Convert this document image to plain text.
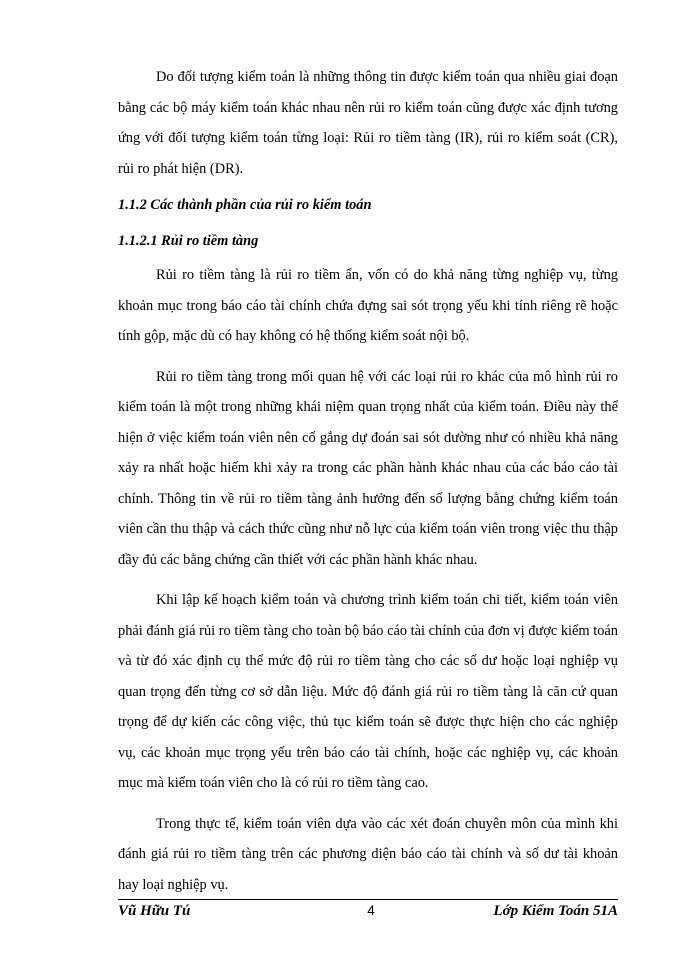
Do đối tượng kiểm toán là những thông tin được kiểm toán qua nhiều giai đoạn bằng các bộ máy kiểm toán khác nhau nên rủi ro kiểm toán cũng được xác định tương ứng với đối tượng kiểm toán từng loại: Rủi ro tiềm tàng (IR), rủi ro kiểm soát (CR), rủi ro phát hiện (DR).

1.1.2 Các thành phần của rủi ro kiểm toán

1.1.2.1 Rủi ro tiềm tàng

Rủi ro tiềm tàng là rủi ro tiềm ẩn, vốn có do khả năng từng nghiệp vụ, từng khoản mục trong báo cáo tài chính chứa đựng sai sót trọng yếu khi tính riêng rẽ hoặc tính gộp, mặc dù có hay không có hệ thống kiểm soát nội bộ.

Rủi ro tiềm tàng trong mối quan hệ với các loại rủi ro khác của mô hình rủi ro kiểm toán là một trong những khái niệm quan trọng nhất của kiểm toán. Điều này thể hiện ở việc kiểm toán viên nên cố gắng dự đoán sai sót dường như có nhiều khả năng xảy ra nhất hoặc hiếm khi xảy ra trong các phần hành khác nhau của các báo cáo tài chính. Thông tin về rủi ro tiềm tàng ảnh hưởng đến số lượng bằng chứng kiểm toán viên cần thu thập và cách thức cũng như nỗ lực của kiểm toán viên trong việc thu thập đầy đủ các bằng chứng cần thiết với các phần hành khác nhau.

Khi lập kế hoạch kiểm toán và chương trình kiểm toán chi tiết, kiểm toán viên phải đánh giá rủi ro tiềm tàng cho toàn bộ báo cáo tài chính của đơn vị được kiểm toán và từ đó xác định cụ thể mức độ rủi ro tiềm tàng cho các số dư hoặc loại nghiệp vụ quan trọng đến từng cơ sở dẫn liệu. Mức độ đánh giá rủi ro tiềm tàng là căn cứ quan trọng để dự kiến các công việc, thủ tục kiểm toán sẽ được thực hiện cho các nghiệp vụ, các khoản mục trọng yếu trên báo cáo tài chính, hoặc các nghiệp vụ, các khoản mục mà kiểm toán viên cho là có rủi ro tiềm tàng cao.

Trong thực tế, kiểm toán viên dựa vào các xét đoán chuyên môn của mình khi đánh giá rủi ro tiềm tàng trên các phương diện báo cáo tài chính và số dư tài khoản hay loại nghiệp vụ.

Vũ Hữu Tú	4	Lớp Kiểm Toán 51A
